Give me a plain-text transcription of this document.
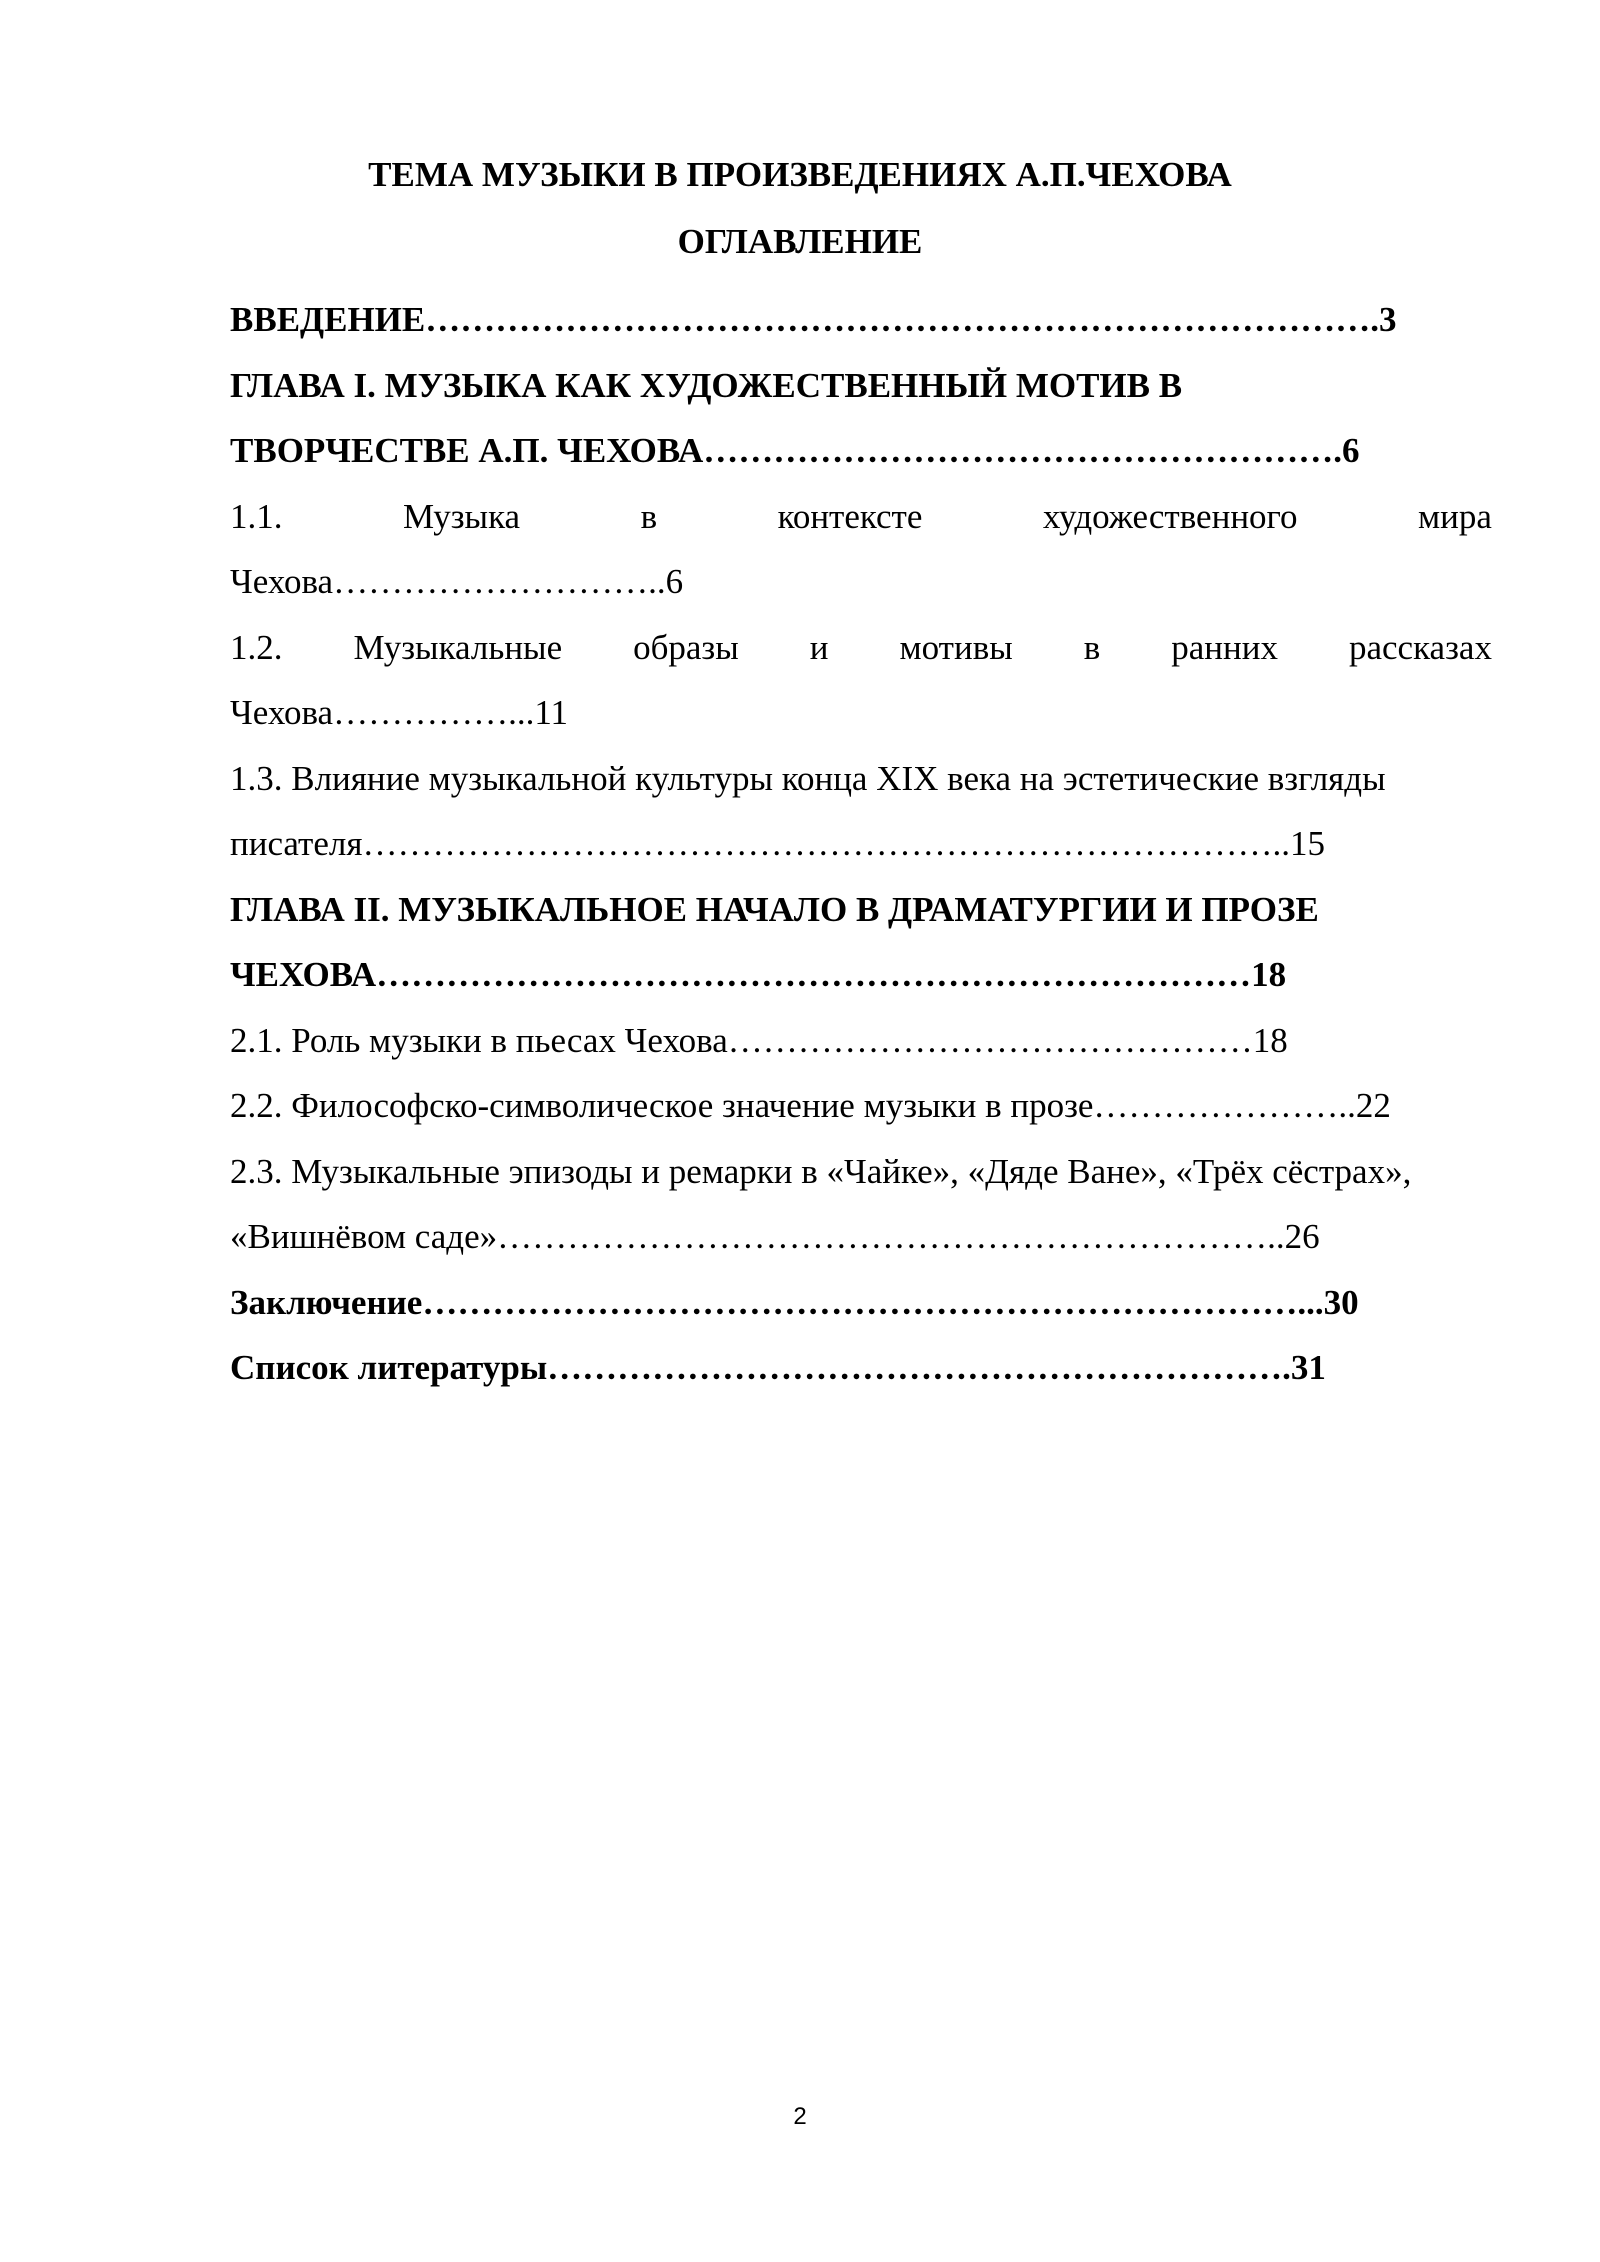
ТЕМА МУЗЫКИ В ПРОИЗВЕДЕНИЯХ А.П.ЧЕХОВА
ОГЛАВЛЕНИЕ
ВВЕДЕНИЕ……………………………………………………………………….3
ГЛАВА I. МУЗЫКА КАК ХУДОЖЕСТВЕННЫЙ МОТИВ В
ТВОРЧЕСТВЕ А.П. ЧЕХОВА……………………………………………….6
1.1.	Музыка	в	контексте	художественного	мира
Чехова………………………..6
1.2. Музыкальные образы и мотивы в ранних рассказах
Чехова……………...11
1.3. Влияние музыкальной культуры конца XIX века на эстетические взгляды
писателя……………………………………………………………………..15
ГЛАВА II. МУЗЫКАЛЬНОЕ НАЧАЛО В ДРАМАТУРГИИ И ПРОЗЕ
ЧЕХОВА…………………………………………………………………18
2.1. Роль музыки в пьесах Чехова………………………………………18
2.2. Философско-символическое значение музыки в прозе…………………..22
2.3. Музыкальные эпизоды и ремарки в «Чайке», «Дяде Ване», «Трёх сёстрах»,
«Вишнёвом саде»…………………………………………………………..26
Заключение…………………………………………………………………...30
Список литературы……………………………………………………….31
2
